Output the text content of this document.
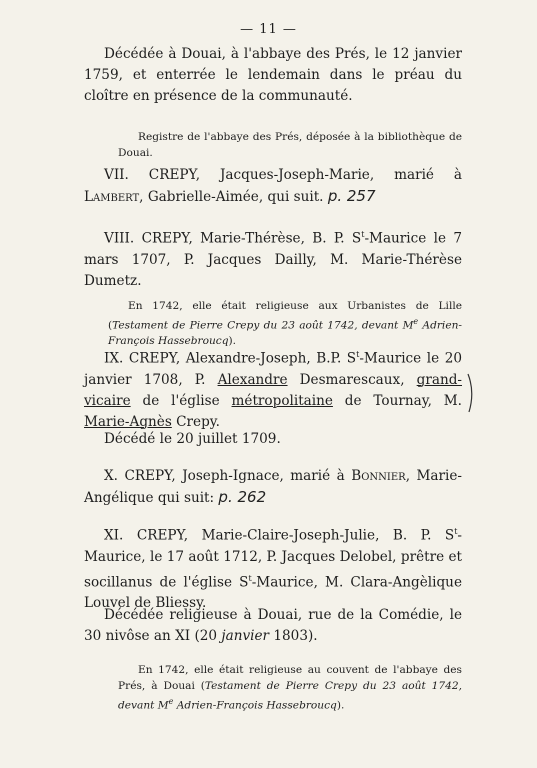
— 11 —

Décédée à Douai, à l'abbaye des Prés, le 12 janvier 1759, et enterrée le lendemain dans le préau du cloître en présence de la communauté.

Registre de l'abbaye des Prés, déposée à la bibliothèque de Douai.

VII. CREPY, Jacques-Joseph-Marie, marié à Lambert, Gabrielle-Aimée, qui suit. p. 257

VIII. CREPY, Marie-Thérèse, B. P. $S^t$-Maurice le 7 mars 1707, P. Jacques Dailly, M. Marie-Thérèse Dumetz.

En 1742, elle était religieuse aux Urbanistes de Lille (Testament de Pierre Crepy du 23 août 1742, devant Me Adrien-François Hassebroucq).

IX. CREPY, Alexandre-Joseph, B.P. $S^t$-Maurice le 20 janvier 1708, P. Alexandre Desmarescaux, grand-vicaire de l'église métropolitaine de Tournay, M. Marie-Agnès Crepy.

Décédé le 20 juillet 1709.

X. CREPY, Joseph-Ignace, marié à Bonnier, Marie-Angélique qui suit: p. 262

XI. CREPY, Marie-Claire-Joseph-Julie, B. P. $S^t$-Maurice, le 17 août 1712, P. Jacques Delobel, prêtre et socillanus de l'église $S^t$-Maurice, M. Clara-Angèlique Louvel de Bliessy.

Décédée religieuse à Douai, rue de la Comédie, le 30 nivôse an XI (20 janvier 1803).

En 1742, elle était religieuse au couvent de l'abbaye des Prés, à Douai (Testament de Pierre Crepy du 23 août 1742, devant Me Adrien-François Hassebroucq).
